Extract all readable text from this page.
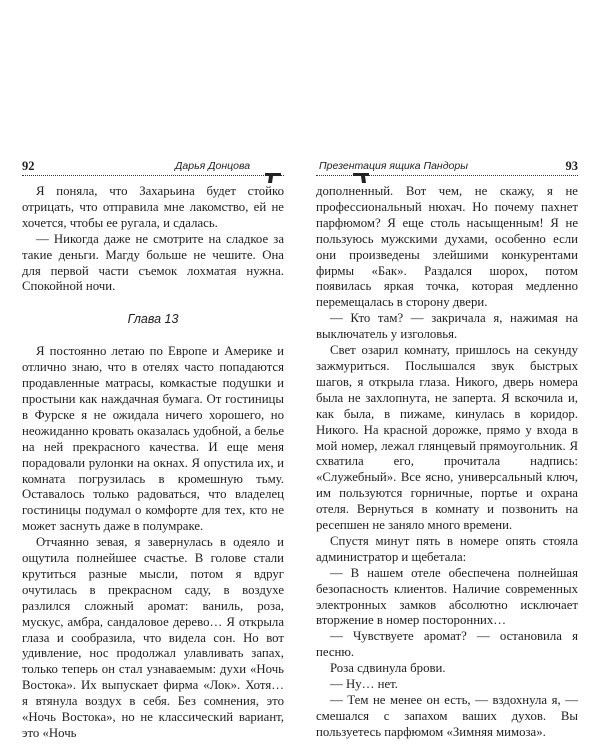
92	Дарья Донцова

Я поняла, что Захарьина будет стойко отрицать, что отправила мне лакомство, ей не хочется, чтобы ее ругала, и сдалась.

— Никогда даже не смотрите на сладкое за такие деньги. Магду больше не чешите. Она для первой части съемок лохматая нужна. Спокойной ночи.

Глава 13

Я постоянно летаю по Европе и Америке и отлично знаю, что в отелях часто попадаются продавленные матрасы, комкастые подушки и простыни как наждачная бумага. От гостиницы в Фурске я не ожидала ничего хорошего, но неожиданно кровать оказалась удобной, а белье на ней прекрасного качества. И еще меня порадовали рулонки на окнах. Я опустила их, и комната погрузилась в кромешную тьму. Оставалось только радоваться, что владелец гостиницы подумал о комфорте для тех, кто не может заснуть даже в полумраке.

Отчаянно зевая, я завернулась в одеяло и ощутила полнейшее счастье. В голове стали крутиться разные мысли, потом я вдруг очутилась в прекрасном саду, в воздухе разлился сложный аромат: ваниль, роза, мускус, амбра, сандаловое дерево… Я открыла глаза и сообразила, что видела сон. Но вот удивление, нос продолжал улавливать запах, только теперь он стал узнаваемым: духи «Ночь Востока». Их выпускает фирма «Лок». Хотя… я втянула воздух в себя. Без сомнения, это «Ночь Востока», но не классический вариант, это «Ночь

Презентация ящика Пандоры	93

дополненный. Вот чем, не скажу, я не профессиональный нюхач. Но почему пахнет парфюмом? Я еще столь насыщенным! Я не пользуюсь мужскими духами, особенно если они произведены злейшими конкурентами фирмы «Бак». Раздался шорох, потом появилась яркая точка, которая медленно перемещалась в сторону двери.

— Кто там? — закричала я, нажимая на выключатель у изголовья.

Свет озарил комнату, пришлось на секунду зажмуриться. Послышался звук быстрых шагов, я открыла глаза. Никого, дверь номера была не захлопнута, не заперта. Я вскочила и, как была, в пижаме, кинулась в коридор. Никого. На красной дорожке, прямо у входа в мой номер, лежал глянцевый прямоугольник. Я схватила его, прочитала надпись: «Служебный». Все ясно, универсальный ключ, им пользуются горничные, портье и охрана отеля. Вернуться в комнату и позвонить на ресепшен не заняло много времени.

Спустя минут пять в номере опять стояла администратор и щебетала:

— В нашем отеле обеспечена полнейшая безопасность клиентов. Наличие современных электронных замков абсолютно исключает вторжение в номер посторонних…

— Чувствуете аромат? — остановила я песню.

Роза сдвинула брови.

— Ну… нет.

— Тем не менее он есть, — вздохнула я, — смешался с запахом ваших духов. Вы пользуетесь парфюмом «Зимняя мимоза».
